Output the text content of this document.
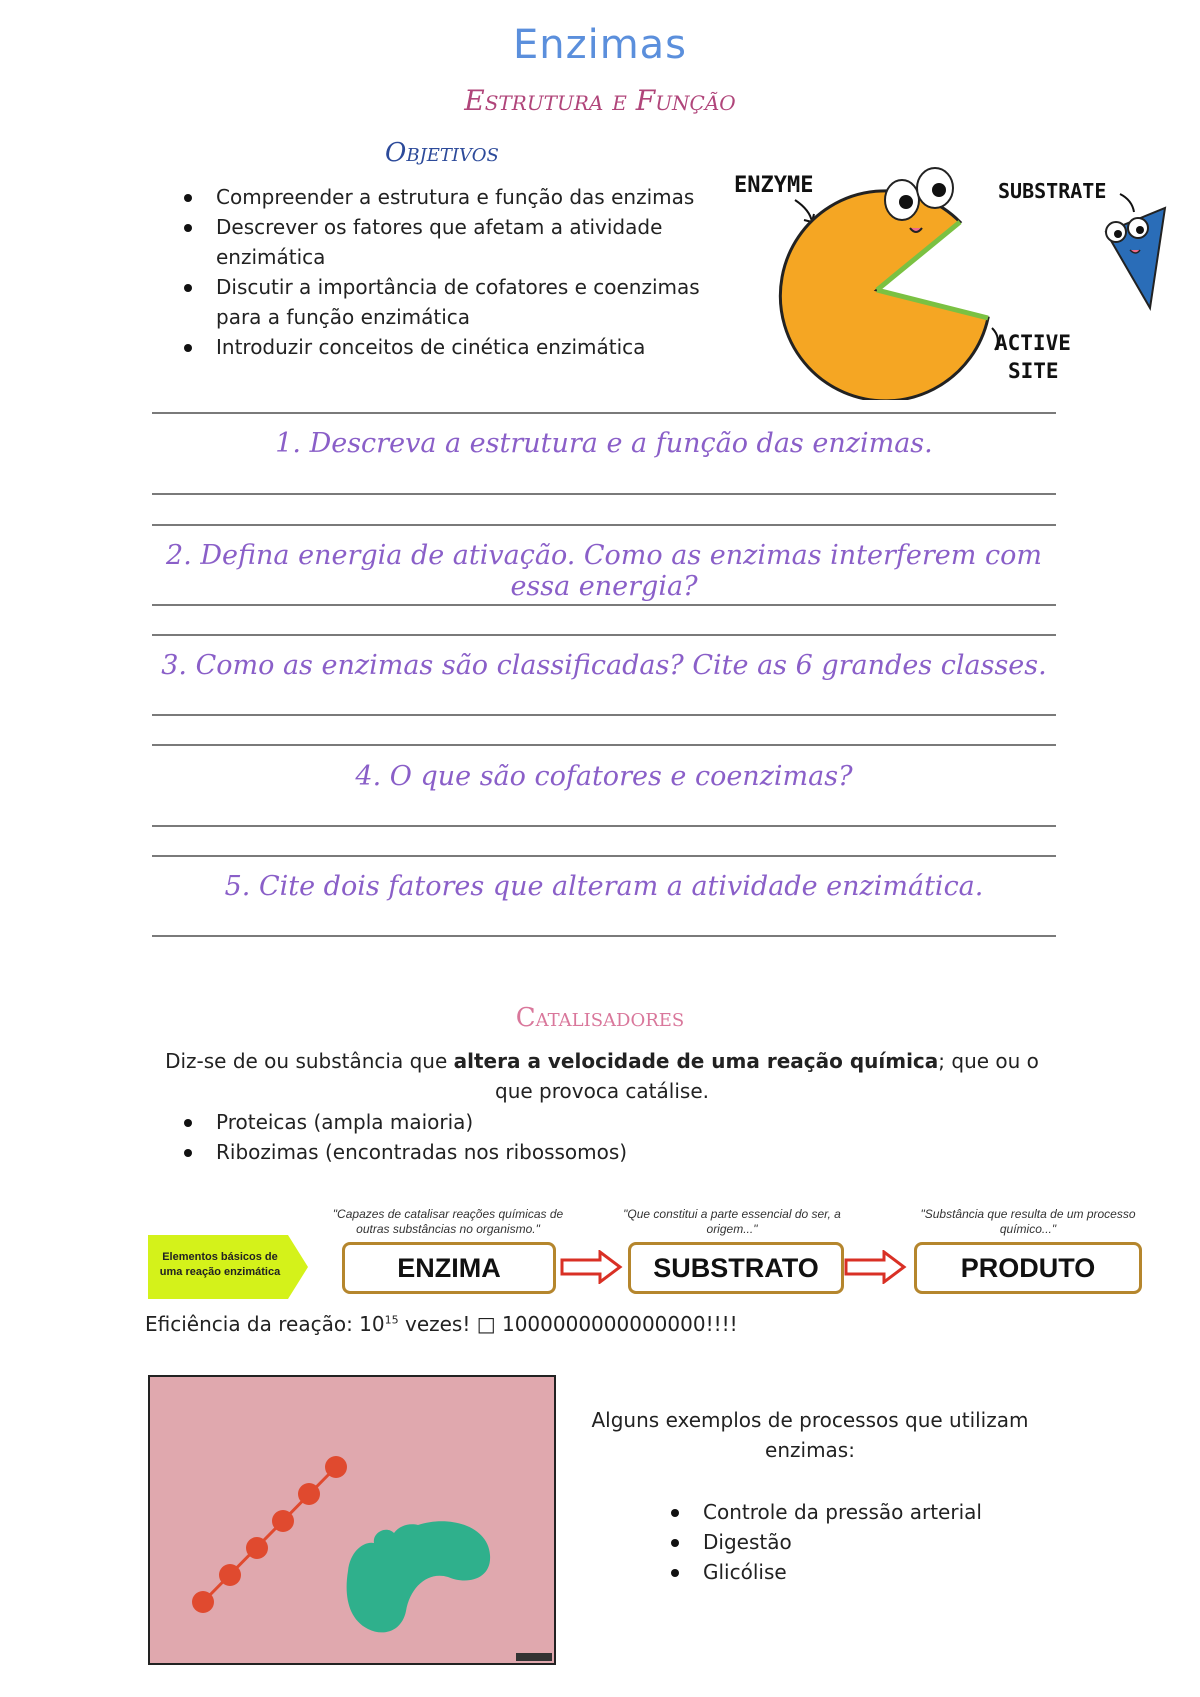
Enzimas
Estrutura e Função
Objetivos
Compreender a estrutura e função das enzimas
Descrever os fatores que afetam a atividade enzimática
Discutir a importância de cofatores e coenzimas para a função enzimática
Introduzir conceitos de cinética enzimática
ENZYME	SUBSTRATE
ACTIVE
SITE
1. Descreva a estrutura e a função das enzimas.
2. Defina energia de ativação. Como as enzimas interferem com essa energia?
3. Como as enzimas são classificadas? Cite as 6 grandes classes.
4. O que são cofatores e coenzimas?
5. Cite dois fatores que alteram a atividade enzimática.
Catalisadores
Diz-se de ou substância que altera a velocidade de uma reação química; que ou o que provoca catálise.
Proteicas (ampla maioria)
Ribozimas (encontradas nos ribossomos)
Elementos básicos de uma reação enzimática
"Capazes de catalisar reações químicas de outras substâncias no organismo."
ENZIMA
"Que constitui a parte essencial do ser, a origem..."
SUBSTRATO
"Substância que resulta de um processo químico..."
PRODUTO
Eficiência da reação: $10^{15}$ vezes! □ 1000000000000000!!!!
Alguns exemplos de processos que utilizam enzimas:
Controle da pressão arterial
Digestão
Glicólise
